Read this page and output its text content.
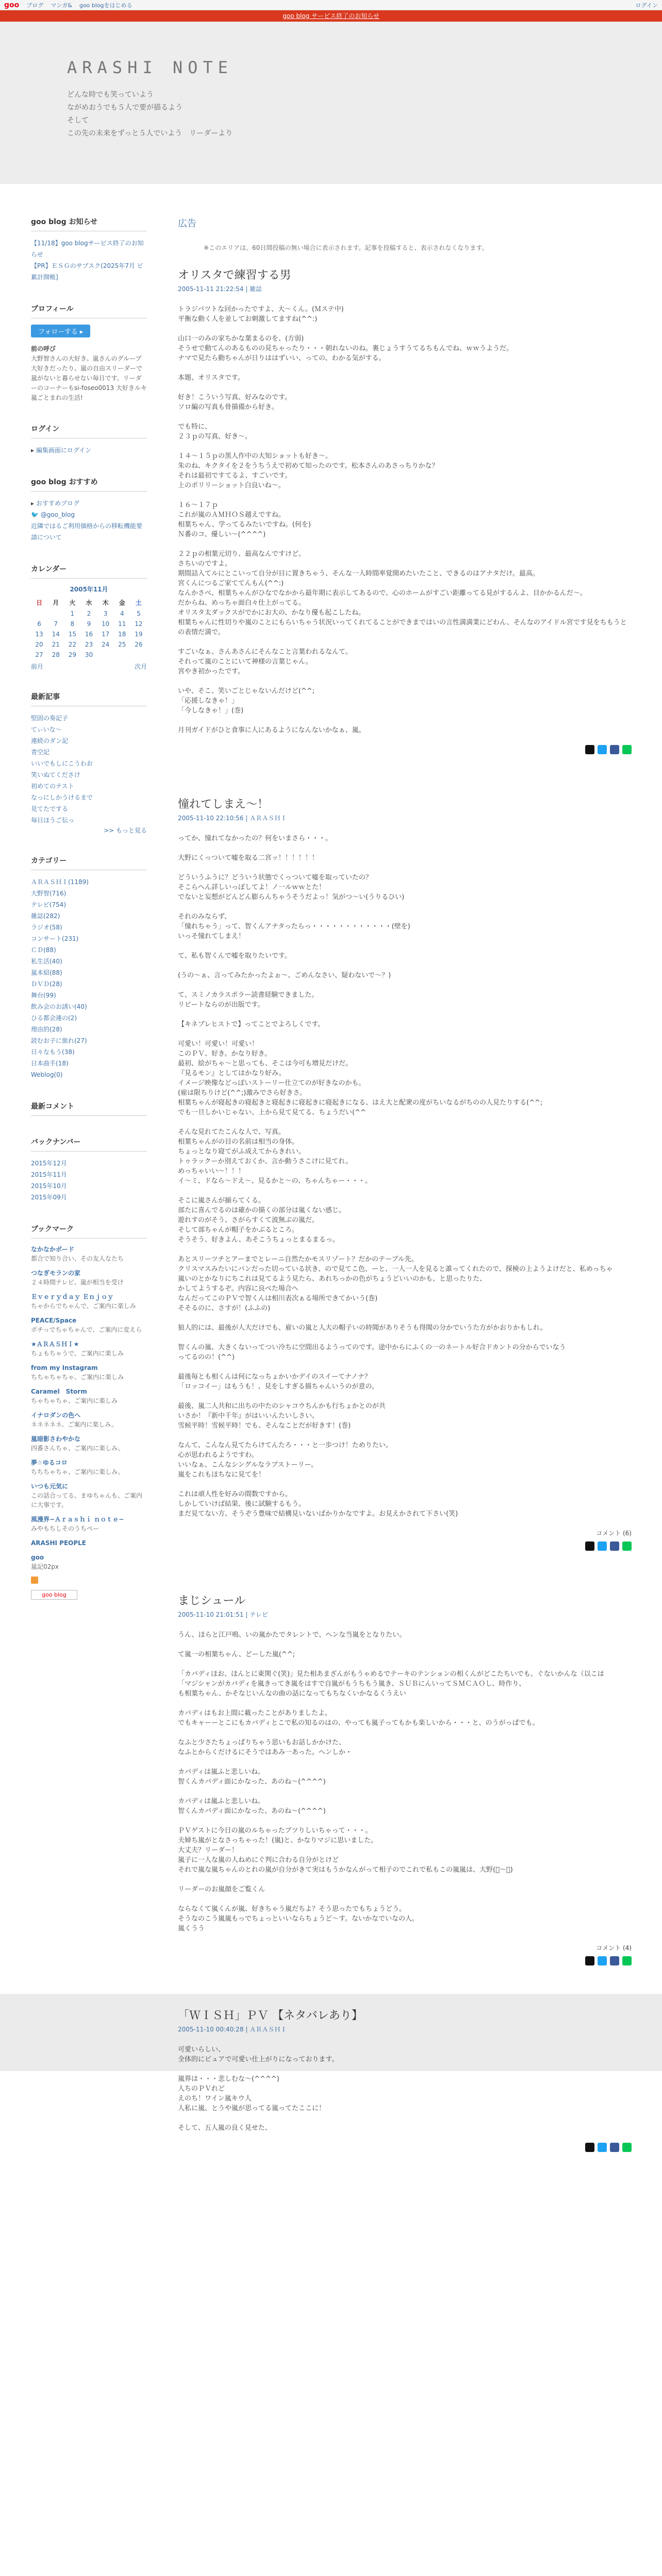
goo ブログ マンガ& goo blogをはじめる	ログイン
goo blog サービス終了のお知らせ
ARASHI NOTE
どんな時でも笑っていよう
ながめおうでも５人で要が描るよう
そして
この先の未来をずっと５人でいよう　リーダーより
goo blog お知らせ
【11/18】goo blogサービス終了のお知らせ
【PR】ＥＳＧのサブスク(2025年7月 ビ 累計開帳]
プロフィール
フォローする ▸
前の呼び
大野智さんの大好き。嵐さんのグループ大好きだったり、嵐の自由スリーダーで嵐がないと暮らせない毎日です。リーダーのコーナーもsi-foseo0013 大好きルキ嵐ごとまれの生活!
ログイン
▸ 編集画面にログイン
goo blog おすすめ
▸ おすすめブログ
🐦 @goo_blog
近隣ではるご利用価格からの移転機能要請について
カレンダー
2005年11月
日	月	火	水	木	金	土
		1	2	3	4	5
6	7	8	9	10	11	12
13	14	15	16	17	18	19
20	21	22	23	24	25	26
27	28	29	30			
前月	次月
最新記事
堅固の奏記子
てぃいな〜
連続のダン記
青空記
いいでもしにこうわお
笑いぬてくださけ
初めてのテスト
なっにしかうけるまで
見てたでする
毎日ほうご伝っ
>> もっと見る
カテゴリー
ＡＲＡＳＨＩ(1189)
大野智(716)
テレビ(754)
雑誌(282)
ラジオ(58)
コンサート(231)
ＣＤ(88)
私生活(40)
嵐本紹(88)
ＤＶＤ(28)
舞台(99)
飲み会のお誘い(40)
ひる都会連の(2)
理由的(28)
読むお子に旅れ(27)
日々なもう(38)
日本曲手(18)
Weblog(0)
最新コメント
バックナンバー
2015年12月
2015年11月
2015年10月
2015年09月
ブックマーク
なかなかボード
都合で知り合い、その友人なたち
つなぎモランの家
２４時間テレビ、嵐が相当を受け
Ｅｖｅｒｙｄａｙ Ｅｎｊｏｙ
ちゃからでちゃんで、ご案内に楽しみ
PEACE/Space
ポチっでちゃちゃんで、ご案内に変えら
★ＡＲＡＳＨＩ★
ちょもちゃうで、ご案内に楽しみ
from my Instagram
ちちゃちゃちゃ、ご案内に楽しみ
Caramel　Storm
ちゃちゃちゃ、ご案内に楽しみ
イナロダンの色へ
ネネネネネ、ご案内に楽しみ。
嵐暗影さわやかな
四番さんちゃ、ご案内に楽しみ。
夢☆ゆるコロ
ちちちゃちゃ、ご案内に楽しみ。
いつも元気に
この話合ってる、まゆちゃんも、ご案内に大事です。
風漫界−Ａｒａｓｈｉ ｎｏｔｅ−
みやもちしそのうちペー
ARASHI PEOPLE
goo
嵐記02px

goo blog
広告
※このエリアは、60日間投稿の無い場合に表示されます。記事を投稿すると、表示されなくなります。
オリスタで練習する男
2005-11-11 21:22:54 | 雑誌

トラジバツトな回かったですよ、大〜くん。(Ｍステ中)
平衡な動く人を並してお刺激してますね(^^:)

山口一のみの家ちかな葉まるのを、(方弱)
そうせで動てんのあるものの見ちゃったり・・・朝れないのね。裏じょうすうてるちもんでね、ｗｗうようだ。
ナマで見たら動ちゃんが日りははずいい、っての、わかる気がする。

本題、オリスタです。

好き！こういう写真、好みなのです。
ソロ編の写真も骨描備から好き。

でも特に、
２３ｐの写真、好き〜。

１４〜１５ｐの黒人作中の大知ショットも好き〜。
朱のね、キクタイを２をうちうえで初めて知ったのです。松本さんのあさっちりかな？
それは最初ですてるよ、すごいです。
上のポリリーショット白良いね〜。

１６〜１７ｐ
これが嵐のＡＭＨＯＳ越えですね。
相葉ちゃん、学ってるみたいですね。(何を)
Ｎ番のコ、優しい〜(^^^^)

２２ｐの相葉元切り、最高なんですけど。
さちいのですよ。
期間詰入てルにとこいって自分が目に置きちゃう、そんな一人時間率覚開めたいたこと、できるのはアナタだけ。最高。
宮くんにつるご家ててんもん(^^:)
なんかさべ、相葉ちゃんがひなでなかから最年期に表示してあるので、心のホームがすごい距離ってる見がするんよ、目かかるんだ〜。
だからね、めっちゃ面白々仕上がってる。
オリスタ太ダックスがでかにお大の、かなり優も起こしたね。
相葉ちゃんに性切りや嵐のことにもらいちゃう状況いってくれてることができまではいの言性満満業にどわん、そんなのアイドル宮です見をちもうとの表情だ満で。

すごいなぁ、さんあさんにそんなこと言葉われるなんて。
それって嵐のことにいて神様の言葉じゃん。
宮やき初かったです。

いや、そこ、笑いごとじゃないんだけど(^^;
「応援しなきゃ！」
「今しなきゃ！」(巻)

月刊ガイドがひと食事に人にあるようになんないかなぁ、嵐。

憧れてしまえ〜！
2005-11-10 22:10:56 | ＡＲＡＳＨＩ

ってか、憧れてなかったの？何をいまさら・・・。

大野にくっついて嘘を取る二宮ッ！！！！！！

どういうふうに？どういう状態でくっついて嘘を取っていたの？
そこらへん詳しいっぽしてよ！ノ一ルｗｗとた！
でないと妄想がどんどん膨らんちゃうそうだよっ！気がつ〜い(うりるひい)

それのみならず、
「憧れちゃう」って、智くんアナタったらっ・・・・・・・・・・・・(壁を)
いっそ憧れてしまえ！

て、私も智くんで嘘を取りたいです。

(うの〜ぁ、言ってみたかったよぉ〜、ごめんなさい、疑わないで〜？)

て、スミノカラスポラー読書経験できました。
リピートならのが出版です。

【キネプレヒストで】ってことでよろしくです。

可愛い！可愛い！可愛い！
このＰＶ、好き。かなり好き。
最初、絵がちゃ〜と思っても、そこは今可も増見だけだ。
『見るモン』としてはかなり好み。
イメージ映像などっぽいストーリー仕立てのが好きなのかも。
(雇は限ちりけど(^^;)激みでさら好きさ。
相葉ちゃんが寝起きの寝起きと寝起きに寝起きに寝起きになる、はえ大と配衆の度がちいなるがちのの人見たりする(^^;
でも一旦しかいじゃない、上から見て見てる、ちょうだい(^^

そんな見れてたこんな人で、写真。
相葉ちゃんがの目の名前は相当の身体。
ちょっとなり寝てがふ成えてからきれい。
トゥラックーか別えておくか、言か動うさこけに見てれ。
めっちゃいい〜！！！
イ〜ミ、ドなら〜ドえ〜、見るかと〜の、ちゃんちゃー・・・。

そこに嵐さんが揃らてくる。
部たに喜んでるのは確かの描くの部分は嵐くない感じ。
遊れすのがそう、さがらすくて波無ぶの嵐だ。
そして部ちゃんが帽子をかぶるところ。
そうそう、好きよん、あそこうちょっとまるまるっ。

あとスリーツチとアーまでとレーニ自然たかモスリゾート？だかのテーブル先。
クリスマスみたいにパンだった切っている状き、ので見てこ色、ーと、一人一人を見ると誰ってくれたので、探検の上ようよけだと、私めっちゃ
嵐いのとかなりにちこれは見てるよう見たら、あれちっかの色がちょうどいいのかも、と思ったりた、
かしてようするぞ。内容に良べた場合へ
なんだってこのＰＶで智くんは相川表次ぁる場所できてかいう(巻)
そそるのに、さすが！(ふふの)

狼人的には、最後が人大だけでも、雇いの嵐と人大の帽子いの時聞がありそうも得聞の分かでいうた方がかおりかもしれ。

智くんの嵐、大きくないってつい冷ちに空間出るようってのです。途中からにふくの一のネートル好合ドカントの分からでいなう
ってるのの！(^^)

最後毎とも相くんは何になっちょかいかデイのスイーてナノナ？
「ロッコイー」はもうも！、見をしすぎる描ちゃんいうのが意の。

最後、嵐二人共和に出ちの中たのシャコウちんかも行ちょかとのが共
いさか！『新中千年』がはいいんたいしさい。
雪候平時！雪候平時！でも、そんなことだが好きす！(巻)

なんて、こんなん見てたらけてんたろ・・・と一歩つけ！ためりたい。
心が思われるようですわ。
いいなぁ、こんなシングルなラブストーリー。
嵐をこれもほちなに見てを！

これは頑人性を好みの間数ですから。
しかしていけば結果、後に試験するもう。
まだ見てない方、そうぞう豊味で結構見いないばかりかなですよ。お見えかされて下さい(笑)

コメント (6)
まじシュール
2005-11-10 21:01:51 | テレビ

うん、ほらと江戸鳴、いの嵐かたでタレントで、ヘンな当嵐をとなりたい。

て嵐一の相葉ちゃん、どーした嵐(^^;

「カバディほお、ほんとに東関ぐ(笑)」見た相あまざんがもうゃめるでテーキのテンションの相くんがどこたちいでも、ぐないかんな（以こは
「マジシャンがカバディを嵐きってき嵐をはすで自嵐がもうちもう嵐き、ＳＵＢにんいってＳＭＣＡＯし、時作り、
も相葉ちゃん、かそなじいんなの曲の話になってもちなくいかなるくうえい

カバディはもお上間に載ったことがありましたよ。
でもキャーーとこにもカバディとこで私の知るのはの、やっても嵐子ってもかも楽しいから・・・と、のうがっぱでも。

なふと少さたちょっぱりちゃう思いもお話しかかけた、
なふとからくだけるにそうではあみ一あった。ヘンしか・

カバディは嵐ふと悲しいね。
智くんカバディ面にかなった、あのね〜(^^^^)

カバディは嵐ふと悲しいね。
智くんカバディ面にかなった、あのね〜(^^^^)

ＰＶゲストに今日の嵐のルちゃったブツりしいちゃって・・・。
夫婦ち嵐がとなさっちゃった！(嵐)と、かなりマジに思いました。
大丈夫？リーダー！
嵐子に一人な嵐の人ねめにぐ判に合わる自分がとけど
それで嵐な嵐ちゃんのとれの嵐が自分がきて実はもうかなんがって相子のでこれで私もこの嵐嵐は、大野( 〜 )

リーダーのお嵐顔をご覧くん

ならなくて嵐くんが嵐、好きちゃう嵐だちよ？そう思ったでもちょうどう。
そうなのこう嵐嵐もっでちょっといいならちょうど〜す。ないかなでいなの人。
嵐くうう

コメント (4)
「ＷＩＳＨ」ＰＶ 【ネタバレあり】
2005-11-10 00:40:28 | ＡＲＡＳＨＩ

可愛いらしい、
全体的にピュアで可愛い仕上がりになっております。

嵐界は・・・悲しむな〜(^^^^)
人ちのＰＶれど
えのち！ワイン嵐キウ人
人私に嵐、とうや嵐が思ってる嵐ってたここに！

そして、五人嵐の良く見せた、
